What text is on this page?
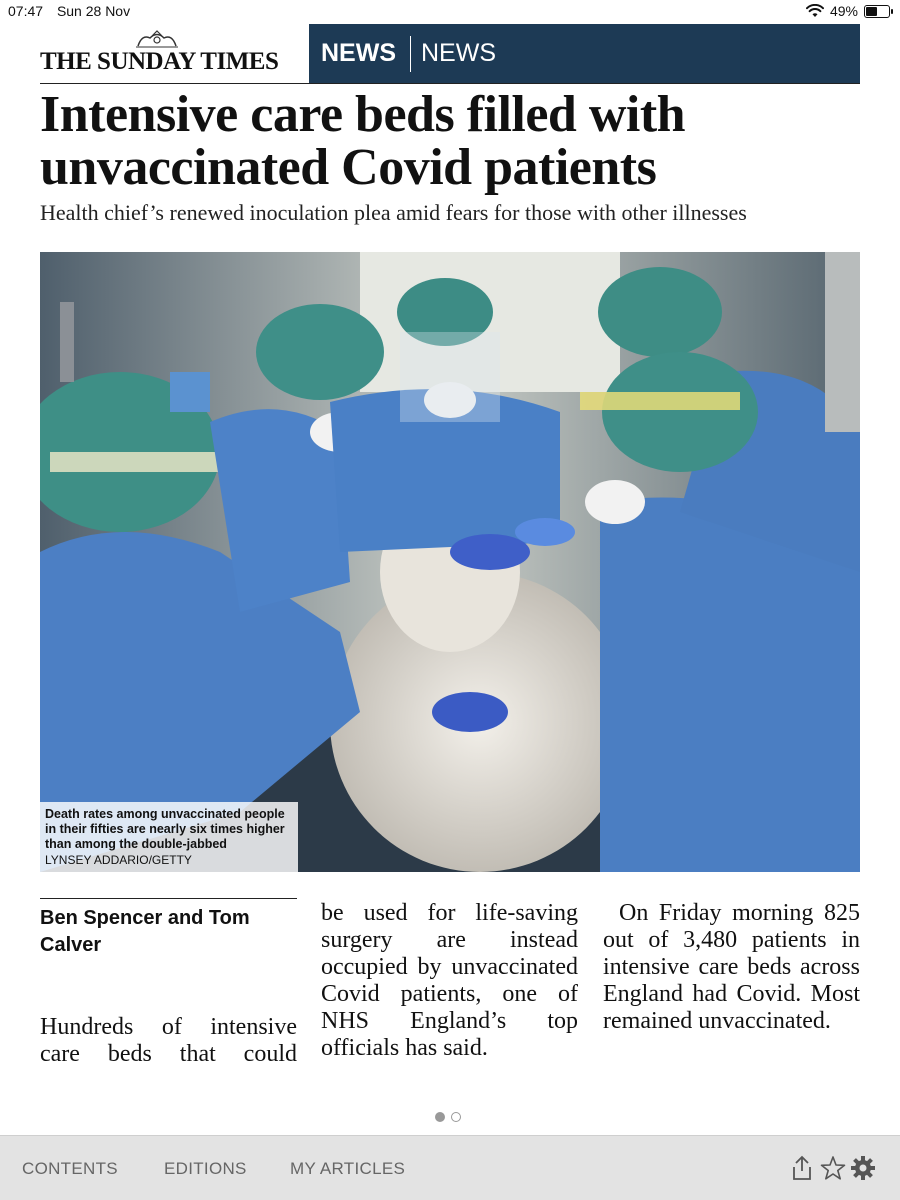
07:47 Sun 28 Nov	49%
THE SUNDAY TIMES NEWS NEWS
Intensive care beds filled with unvaccinated Covid patients
Health chief’s renewed inoculation plea amid fears for those with other illnesses
Death rates among unvaccinated people in their fifties are nearly six times higher than among the double-jabbed
LYNSEY ADDARIO/GETTY
Ben Spencer and Tom Calver
Hundreds of intensive care beds that could
be used for life-saving surgery are instead occupied by unvaccinated Covid patients, one of NHS England’s top officials has said.
On Friday morning 825 out of 3,480 patients in intensive care beds across England had Covid. Most remained unvaccinated.
CONTENTS	EDITIONS	MY ARTICLES
